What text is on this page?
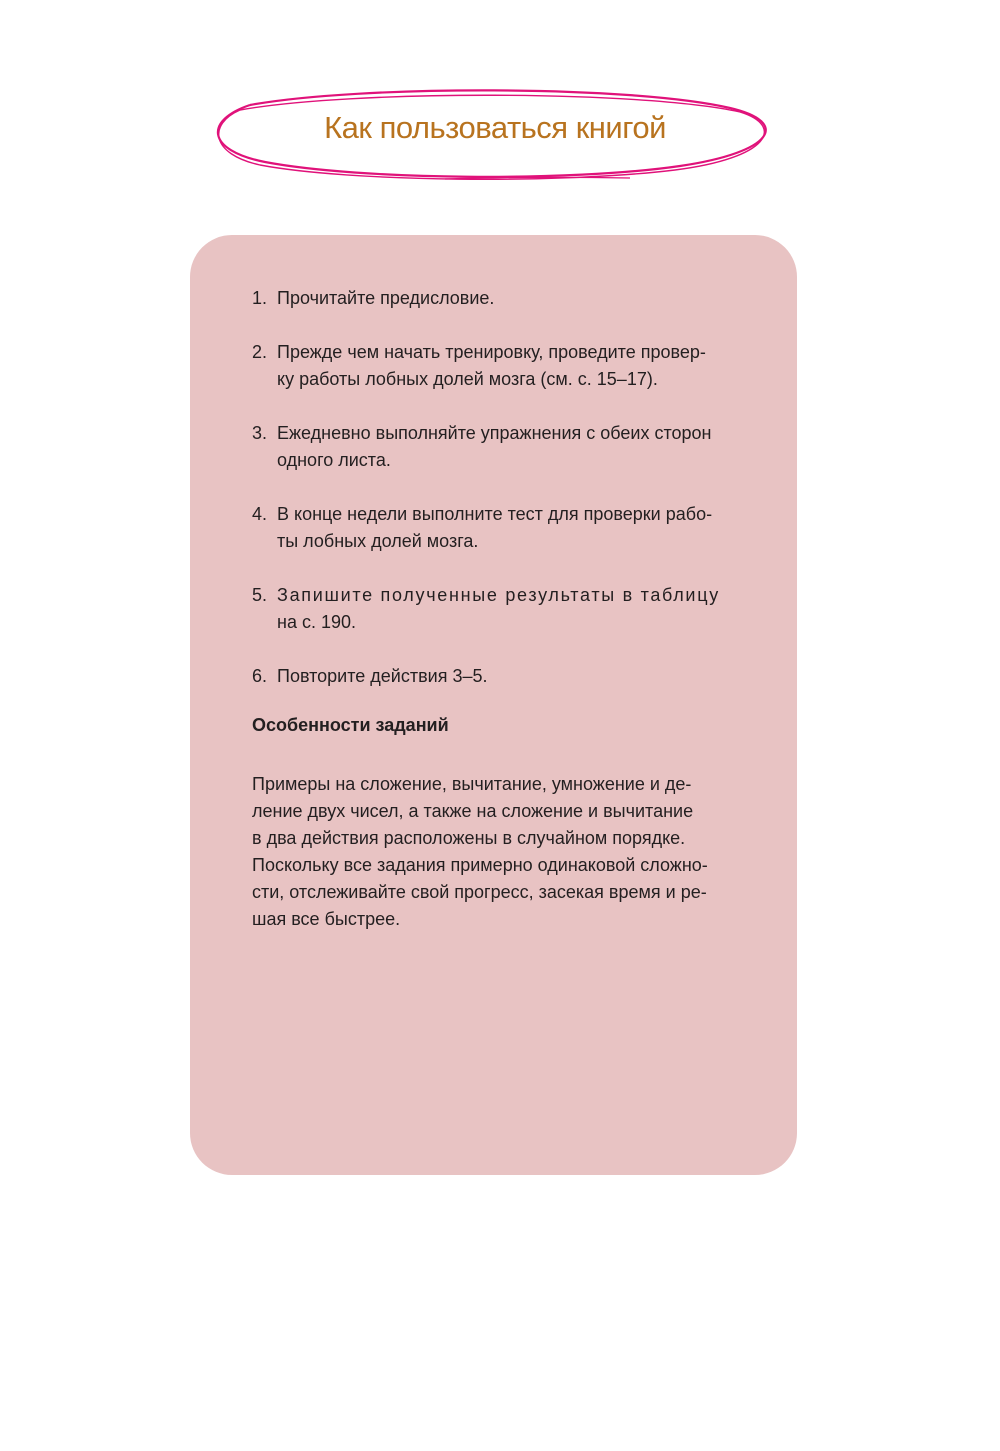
Как пользоваться книгой
1. Прочитайте предисловие.
2. Прежде чем начать тренировку, проведите провер-
ку работы лобных долей мозга (см. с. 15–17).
3. Ежедневно выполняйте упражнения с обеих сторон
одного листа.
4. В конце недели выполните тест для проверки рабо-
ты лобных долей мозга.
5. Запишите полученные результаты в таблицу
на с. 190.
6. Повторите действия 3–5.
Особенности заданий

Примеры на сложение, вычитание, умножение и де-
ление двух чисел, а также на сложение и вычитание
в два действия расположены в случайном порядке.
Поскольку все задания примерно одинаковой сложно-
сти, отслеживайте свой прогресс, засекая время и ре-
шая все быстрее.
